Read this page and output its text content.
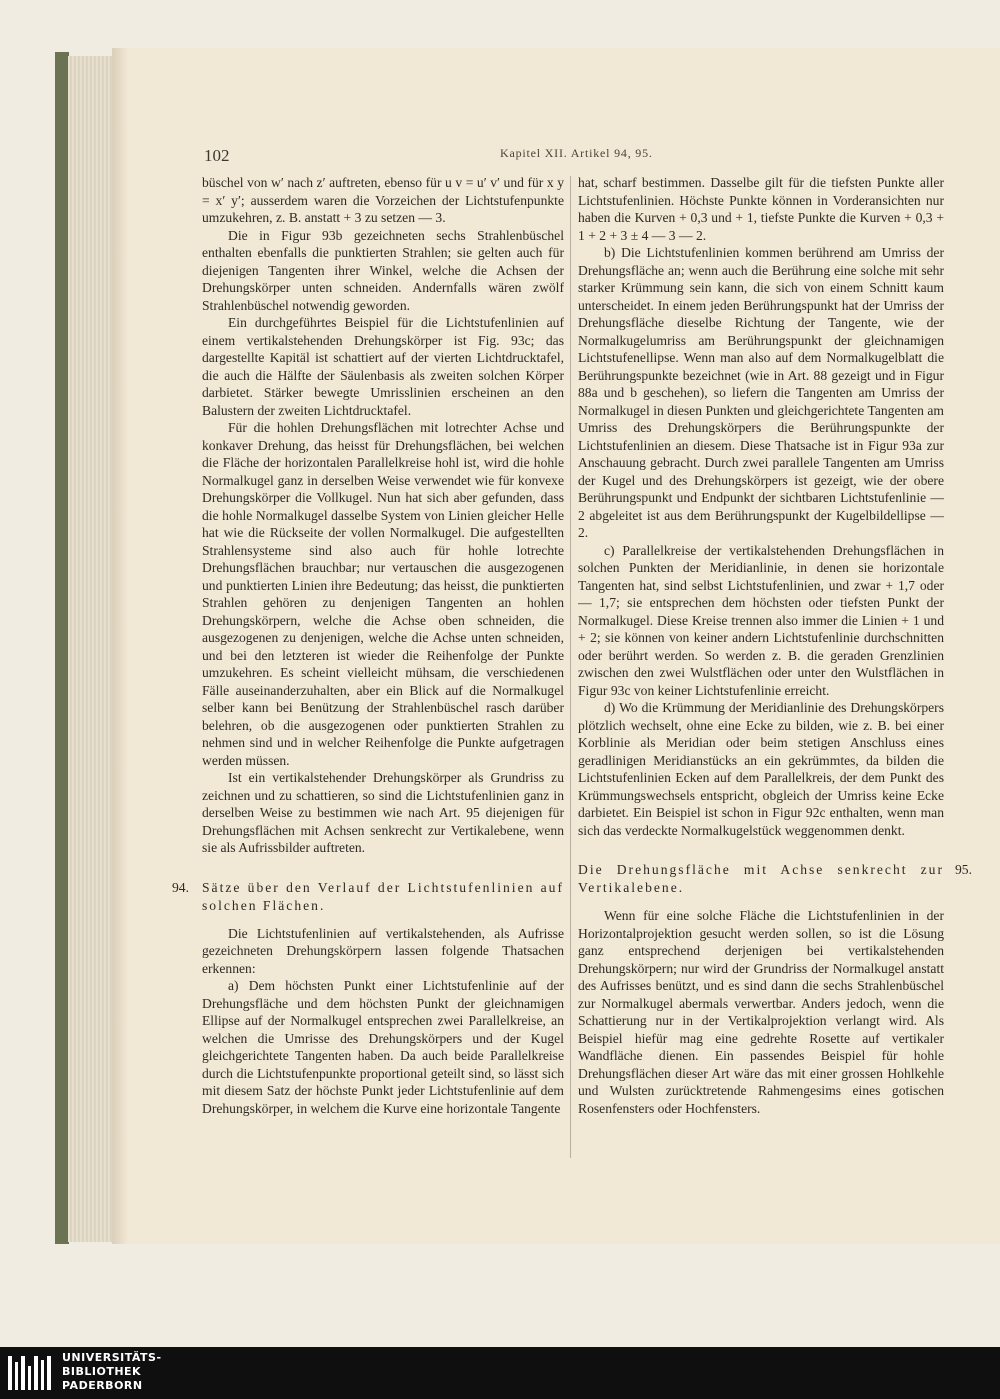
102	Kapitel XII. Artikel 94, 95.

büschel von w′ nach z′ auftreten, ebenso für u v = u′ v′ und für x y = x′ y′; ausserdem waren die Vorzeichen der Lichtstufenpunkte umzukehren, z. B. anstatt + 3 zu setzen — 3.

Die in Figur 93b gezeichneten sechs Strahlenbüschel enthalten ebenfalls die punktierten Strahlen; sie gelten auch für diejenigen Tangenten ihrer Winkel, welche die Achsen der Drehungskörper unten schneiden. Andernfalls wären zwölf Strahlenbüschel notwendig geworden.

Ein durchgeführtes Beispiel für die Lichtstufenlinien auf einem vertikalstehenden Drehungskörper ist Fig. 93c; das dargestellte Kapitäl ist schattiert auf der vierten Lichtdrucktafel, die auch die Hälfte der Säulenbasis als zweiten solchen Körper darbietet. Stärker bewegte Umrisslinien erscheinen an den Balustern der zweiten Lichtdrucktafel.

Für die hohlen Drehungsflächen mit lotrechter Achse und konkaver Drehung, das heisst für Drehungsflächen, bei welchen die Fläche der horizontalen Parallelkreise hohl ist, wird die hohle Normalkugel ganz in derselben Weise verwendet wie für konvexe Drehungskörper die Vollkugel. Nun hat sich aber gefunden, dass die hohle Normalkugel dasselbe System von Linien gleicher Helle hat wie die Rückseite der vollen Normalkugel. Die aufgestellten Strahlensysteme sind also auch für hohle lotrechte Drehungsflächen brauchbar; nur vertauschen die ausgezogenen und punktierten Linien ihre Bedeutung; das heisst, die punktierten Strahlen gehören zu denjenigen Tangenten an hohlen Drehungskörpern, welche die Achse oben schneiden, die ausgezogenen zu denjenigen, welche die Achse unten schneiden, und bei den letzteren ist wieder die Reihenfolge der Punkte umzukehren. Es scheint vielleicht mühsam, die verschiedenen Fälle auseinanderzuhalten, aber ein Blick auf die Normalkugel selber kann bei Benützung der Strahlenbüschel rasch darüber belehren, ob die ausgezogenen oder punktierten Strahlen zu nehmen sind und in welcher Reihenfolge die Punkte aufgetragen werden müssen.

Ist ein vertikalstehender Drehungskörper als Grundriss zu zeichnen und zu schattieren, so sind die Lichtstufenlinien ganz in derselben Weise zu bestimmen wie nach Art. 95 diejenigen für Drehungsflächen mit Achsen senkrecht zur Vertikalebene, wenn sie als Aufrissbilder auftreten.

94. Sätze über den Verlauf der Lichtstufenlinien auf solchen Flächen.

Die Lichtstufenlinien auf vertikalstehenden, als Aufrisse gezeichneten Drehungskörpern lassen folgende Thatsachen erkennen:

a) Dem höchsten Punkt einer Lichtstufenlinie auf der Drehungsfläche und dem höchsten Punkt der gleichnamigen Ellipse auf der Normalkugel entsprechen zwei Parallelkreise, an welchen die Umrisse des Drehungskörpers und der Kugel gleichgerichtete Tangenten haben. Da auch beide Parallelkreise durch die Lichtstufenpunkte proportional geteilt sind, so lässt sich mit diesem Satz der höchste Punkt jeder Lichtstufenlinie auf dem Drehungskörper, in welchem die Kurve eine horizontale Tangente

hat, scharf bestimmen. Dasselbe gilt für die tiefsten Punkte aller Lichtstufenlinien. Höchste Punkte können in Vorderansichten nur haben die Kurven + 0,3 und + 1, tiefste Punkte die Kurven + 0,3 + 1 + 2 + 3 ± 4 — 3 — 2.

b) Die Lichtstufenlinien kommen berührend am Umriss der Drehungsfläche an; wenn auch die Berührung eine solche mit sehr starker Krümmung sein kann, die sich von einem Schnitt kaum unterscheidet. In einem jeden Berührungspunkt hat der Umriss der Drehungsfläche dieselbe Richtung der Tangente, wie der Normalkugelumriss am Berührungspunkt der gleichnamigen Lichtstufenellipse. Wenn man also auf dem Normalkugelblatt die Berührungspunkte bezeichnet (wie in Art. 88 gezeigt und in Figur 88a und b geschehen), so liefern die Tangenten am Umriss der Normalkugel in diesen Punkten und gleichgerichtete Tangenten am Umriss des Drehungskörpers die Berührungspunkte der Lichtstufenlinien an diesem. Diese Thatsache ist in Figur 93a zur Anschauung gebracht. Durch zwei parallele Tangenten am Umriss der Kugel und des Drehungskörpers ist gezeigt, wie der obere Berührungspunkt und Endpunkt der sichtbaren Lichtstufenlinie — 2 abgeleitet ist aus dem Berührungspunkt der Kugelbildellipse — 2.

c) Parallelkreise der vertikalstehenden Drehungsflächen in solchen Punkten der Meridianlinie, in denen sie horizontale Tangenten hat, sind selbst Lichtstufenlinien, und zwar + 1,7 oder — 1,7; sie entsprechen dem höchsten oder tiefsten Punkt der Normalkugel. Diese Kreise trennen also immer die Linien + 1 und + 2; sie können von keiner andern Lichtstufenlinie durchschnitten oder berührt werden. So werden z. B. die geraden Grenzlinien zwischen den zwei Wulstflächen oder unter den Wulstflächen in Figur 93c von keiner Lichtstufenlinie erreicht.

d) Wo die Krümmung der Meridianlinie des Drehungskörpers plötzlich wechselt, ohne eine Ecke zu bilden, wie z. B. bei einer Korblinie als Meridian oder beim stetigen Anschluss eines geradlinigen Meridianstücks an ein gekrümmtes, da bilden die Lichtstufenlinien Ecken auf dem Parallelkreis, der dem Punkt des Krümmungswechsels entspricht, obgleich der Umriss keine Ecke darbietet. Ein Beispiel ist schon in Figur 92c enthalten, wenn man sich das verdeckte Normalkugelstück weggenommen denkt.

95.
Die Drehungsfläche mit Achse senkrecht zur Vertikalebene.

Wenn für eine solche Fläche die Lichtstufenlinien in der Horizontalprojektion gesucht werden sollen, so ist die Lösung ganz entsprechend derjenigen bei vertikalstehenden Drehungskörpern; nur wird der Grundriss der Normalkugel anstatt des Aufrisses benützt, und es sind dann die sechs Strahlenbüschel zur Normalkugel abermals verwertbar. Anders jedoch, wenn die Schattierung nur in der Vertikalprojektion verlangt wird. Als Beispiel hiefür mag eine gedrehte Rosette auf vertikaler Wandfläche dienen. Ein passendes Beispiel für hohle Drehungsflächen dieser Art wäre das mit einer grossen Hohlkehle und Wulsten zurücktretende Rahmengesims eines gotischen Rosenfensters oder Hochfensters.

UNIVERSITÄTS-
BIBLIOTHEK
PADERBORN
